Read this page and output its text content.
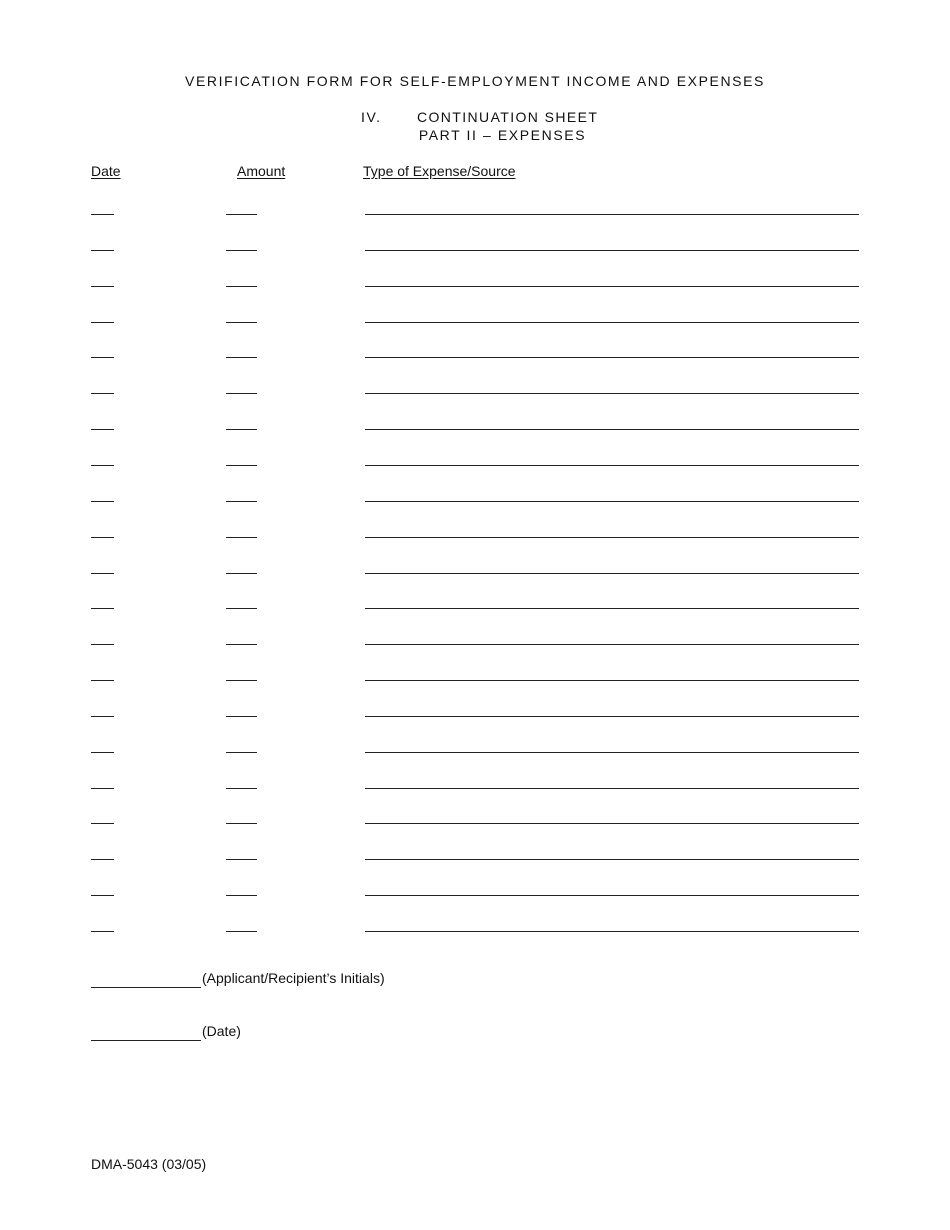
VERIFICATION FORM FOR SELF-EMPLOYMENT INCOME AND EXPENSES
IV.	CONTINUATION SHEET
PART II – EXPENSES
Date	Amount	Type of Expense/Source
(Applicant/Recipient’s Initials)
(Date)
DMA-5043 (03/05)
